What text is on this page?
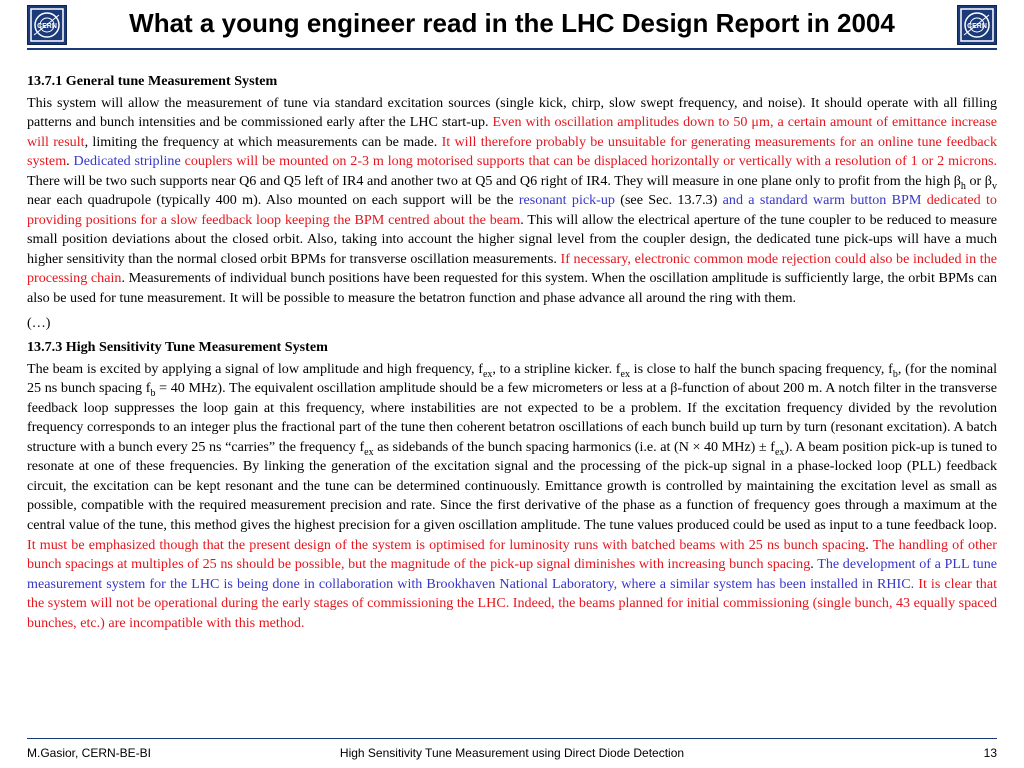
CERN	What a young engineer read in the LHC Design Report in 2004	CERN
13.7.1 General tune Measurement System

This system will allow the measurement of tune via standard excitation sources (single kick, chirp, slow swept frequency, and noise). It should operate with all filling patterns and bunch intensities and be commissioned early after the LHC start-up. Even with oscillation amplitudes down to 50 μm, a certain amount of emittance increase will result, limiting the frequency at which measurements can be made. It will therefore probably be unsuitable for generating measurements for an online tune feedback system. Dedicated stripline couplers will be mounted on 2-3 m long motorised supports that can be displaced horizontally or vertically with a resolution of 1 or 2 microns. There will be two such supports near Q6 and Q5 left of IR4 and another two at Q5 and Q6 right of IR4. They will measure in one plane only to profit from the high $\beta_h$ or $\beta_v$ near each quadrupole (typically 400 m). Also mounted on each support will be the resonant pick-up (see Sec. 13.7.3) and a standard warm button BPM dedicated to providing positions for a slow feedback loop keeping the BPM centred about the beam. This will allow the electrical aperture of the tune coupler to be reduced to measure small position deviations about the closed orbit. Also, taking into account the higher signal level from the coupler design, the dedicated tune pick-ups will have a much higher sensitivity than the normal closed orbit BPMs for transverse oscillation measurements. If necessary, electronic common mode rejection could also be included in the processing chain. Measurements of individual bunch positions have been requested for this system. When the oscillation amplitude is sufficiently large, the orbit BPMs can also be used for tune measurement. It will be possible to measure the betatron function and phase advance all around the ring with them.

(…)

13.7.3 High Sensitivity Tune Measurement System

The beam is excited by applying a signal of low amplitude and high frequency, $f_{ex}$, to a stripline kicker. $f_{ex}$ is close to half the bunch spacing frequency, $f_b$, (for the nominal 25 ns bunch spacing $f_b = 40$ MHz). The equivalent oscillation amplitude should be a few micrometers or less at a β-function of about 200 m. A notch filter in the transverse feedback loop suppresses the loop gain at this frequency, where instabilities are not expected to be a problem. If the excitation frequency divided by the revolution frequency corresponds to an integer plus the fractional part of the tune then coherent betatron oscillations of each bunch build up turn by turn (resonant excitation). A batch structure with a bunch every 25 ns “carries” the frequency $f_{ex}$ as sidebands of the bunch spacing harmonics (i.e. at (N × 40 $MHz) \pm f_{ex}$). A beam position pick-up is tuned to resonate at one of these frequencies. By linking the generation of the excitation signal and the processing of the pick-up signal in a phase-locked loop (PLL) feedback circuit, the excitation can be kept resonant and the tune can be determined continuously. Emittance growth is controlled by maintaining the excitation level as small as possible, compatible with the required measurement precision and rate. Since the first derivative of the phase as a function of frequency goes through a maximum at the central value of the tune, this method gives the highest precision for a given oscillation amplitude. The tune values produced could be used as input to a tune feedback loop. It must be emphasized though that the present design of the system is optimised for luminosity runs with batched beams with 25 ns bunch spacing. The handling of other bunch spacings at multiples of 25 ns should be possible, but the magnitude of the pick-up signal diminishes with increasing bunch spacing. The development of a PLL tune measurement system for the LHC is being done in collaboration with Brookhaven National Laboratory, where a similar system has been installed in RHIC. It is clear that the system will not be operational during the early stages of commissioning the LHC. Indeed, the beams planned for initial commissioning (single bunch, 43 equally spaced bunches, etc.) are incompatible with this method.

M.Gasior, CERN-BE-BI	High Sensitivity Tune Measurement using Direct Diode Detection	13
